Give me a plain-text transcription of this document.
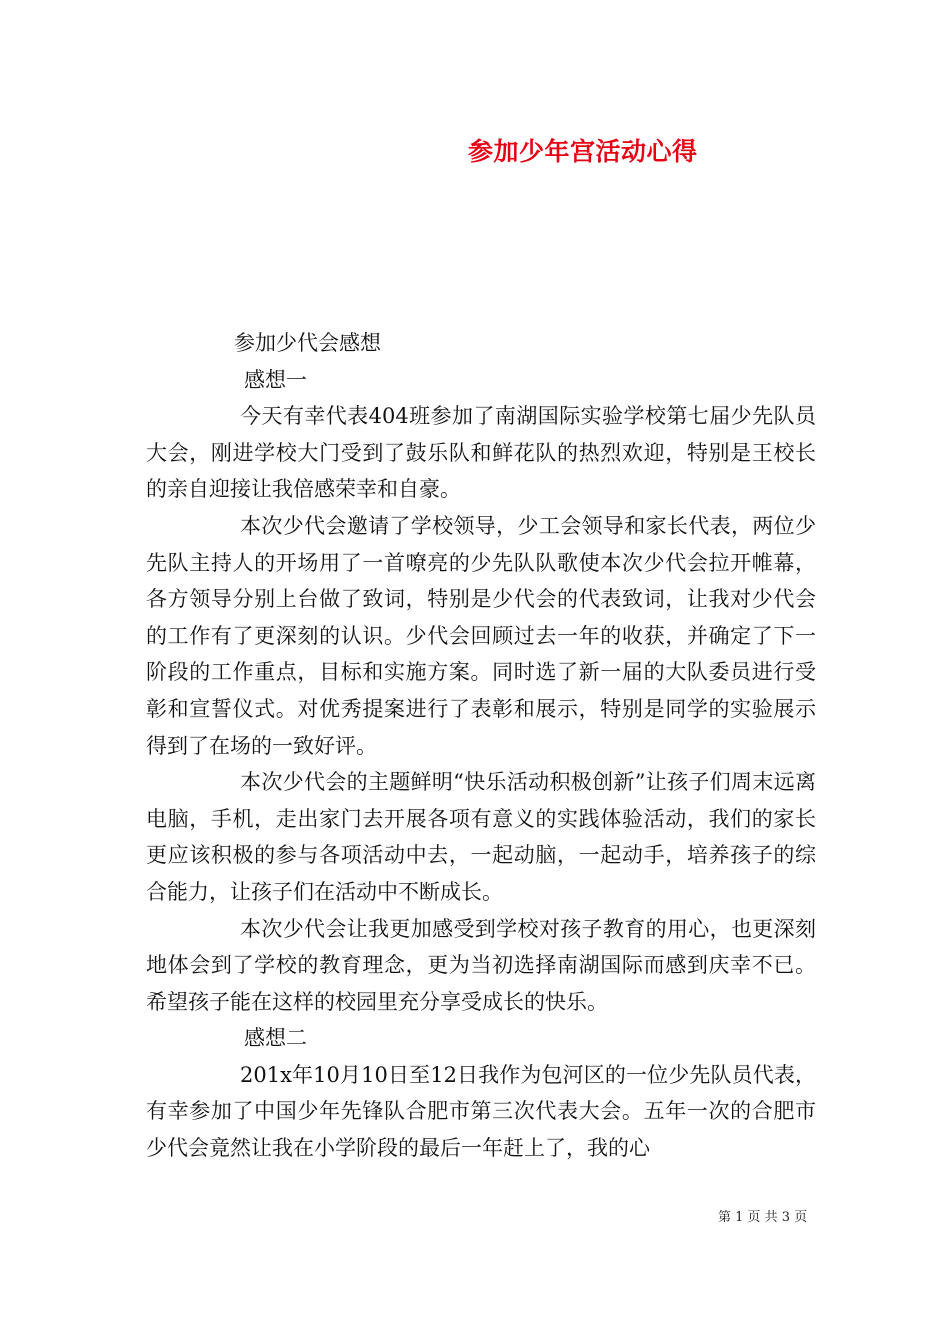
参加少年宫活动心得

参加少代会感想

感想一

今天有幸代表404班参加了南湖国际实验学校第七届少先队员大会，刚进学校大门受到了鼓乐队和鲜花队的热烈欢迎，特别是王校长的亲自迎接让我倍感荣幸和自豪。

本次少代会邀请了学校领导，少工会领导和家长代表，两位少先队主持人的开场用了一首嘹亮的少先队队歌使本次少代会拉开帷幕，各方领导分别上台做了致词，特别是少代会的代表致词，让我对少代会的工作有了更深刻的认识。少代会回顾过去一年的收获，并确定了下一阶段的工作重点，目标和实施方案。同时选了新一届的大队委员进行受彰和宣誓仪式。对优秀提案进行了表彰和展示，特别是同学的实验展示得到了在场的一致好评。

本次少代会的主题鲜明“快乐活动积极创新”让孩子们周末远离电脑，手机，走出家门去开展各项有意义的实践体验活动，我们的家长更应该积极的参与各项活动中去，一起动脑，一起动手，培养孩子的综合能力，让孩子们在活动中不断成长。

本次少代会让我更加感受到学校对孩子教育的用心，也更深刻地体会到了学校的教育理念，更为当初选择南湖国际而感到庆幸不已。希望孩子能在这样的校园里充分享受成长的快乐。

感想二

201x年10月10日至12日我作为包河区的一位少先队员代表，有幸参加了中国少年先锋队合肥市第三次代表大会。五年一次的合肥市少代会竟然让我在小学阶段的最后一年赶上了，我的心

第 1 页 共 3 页
